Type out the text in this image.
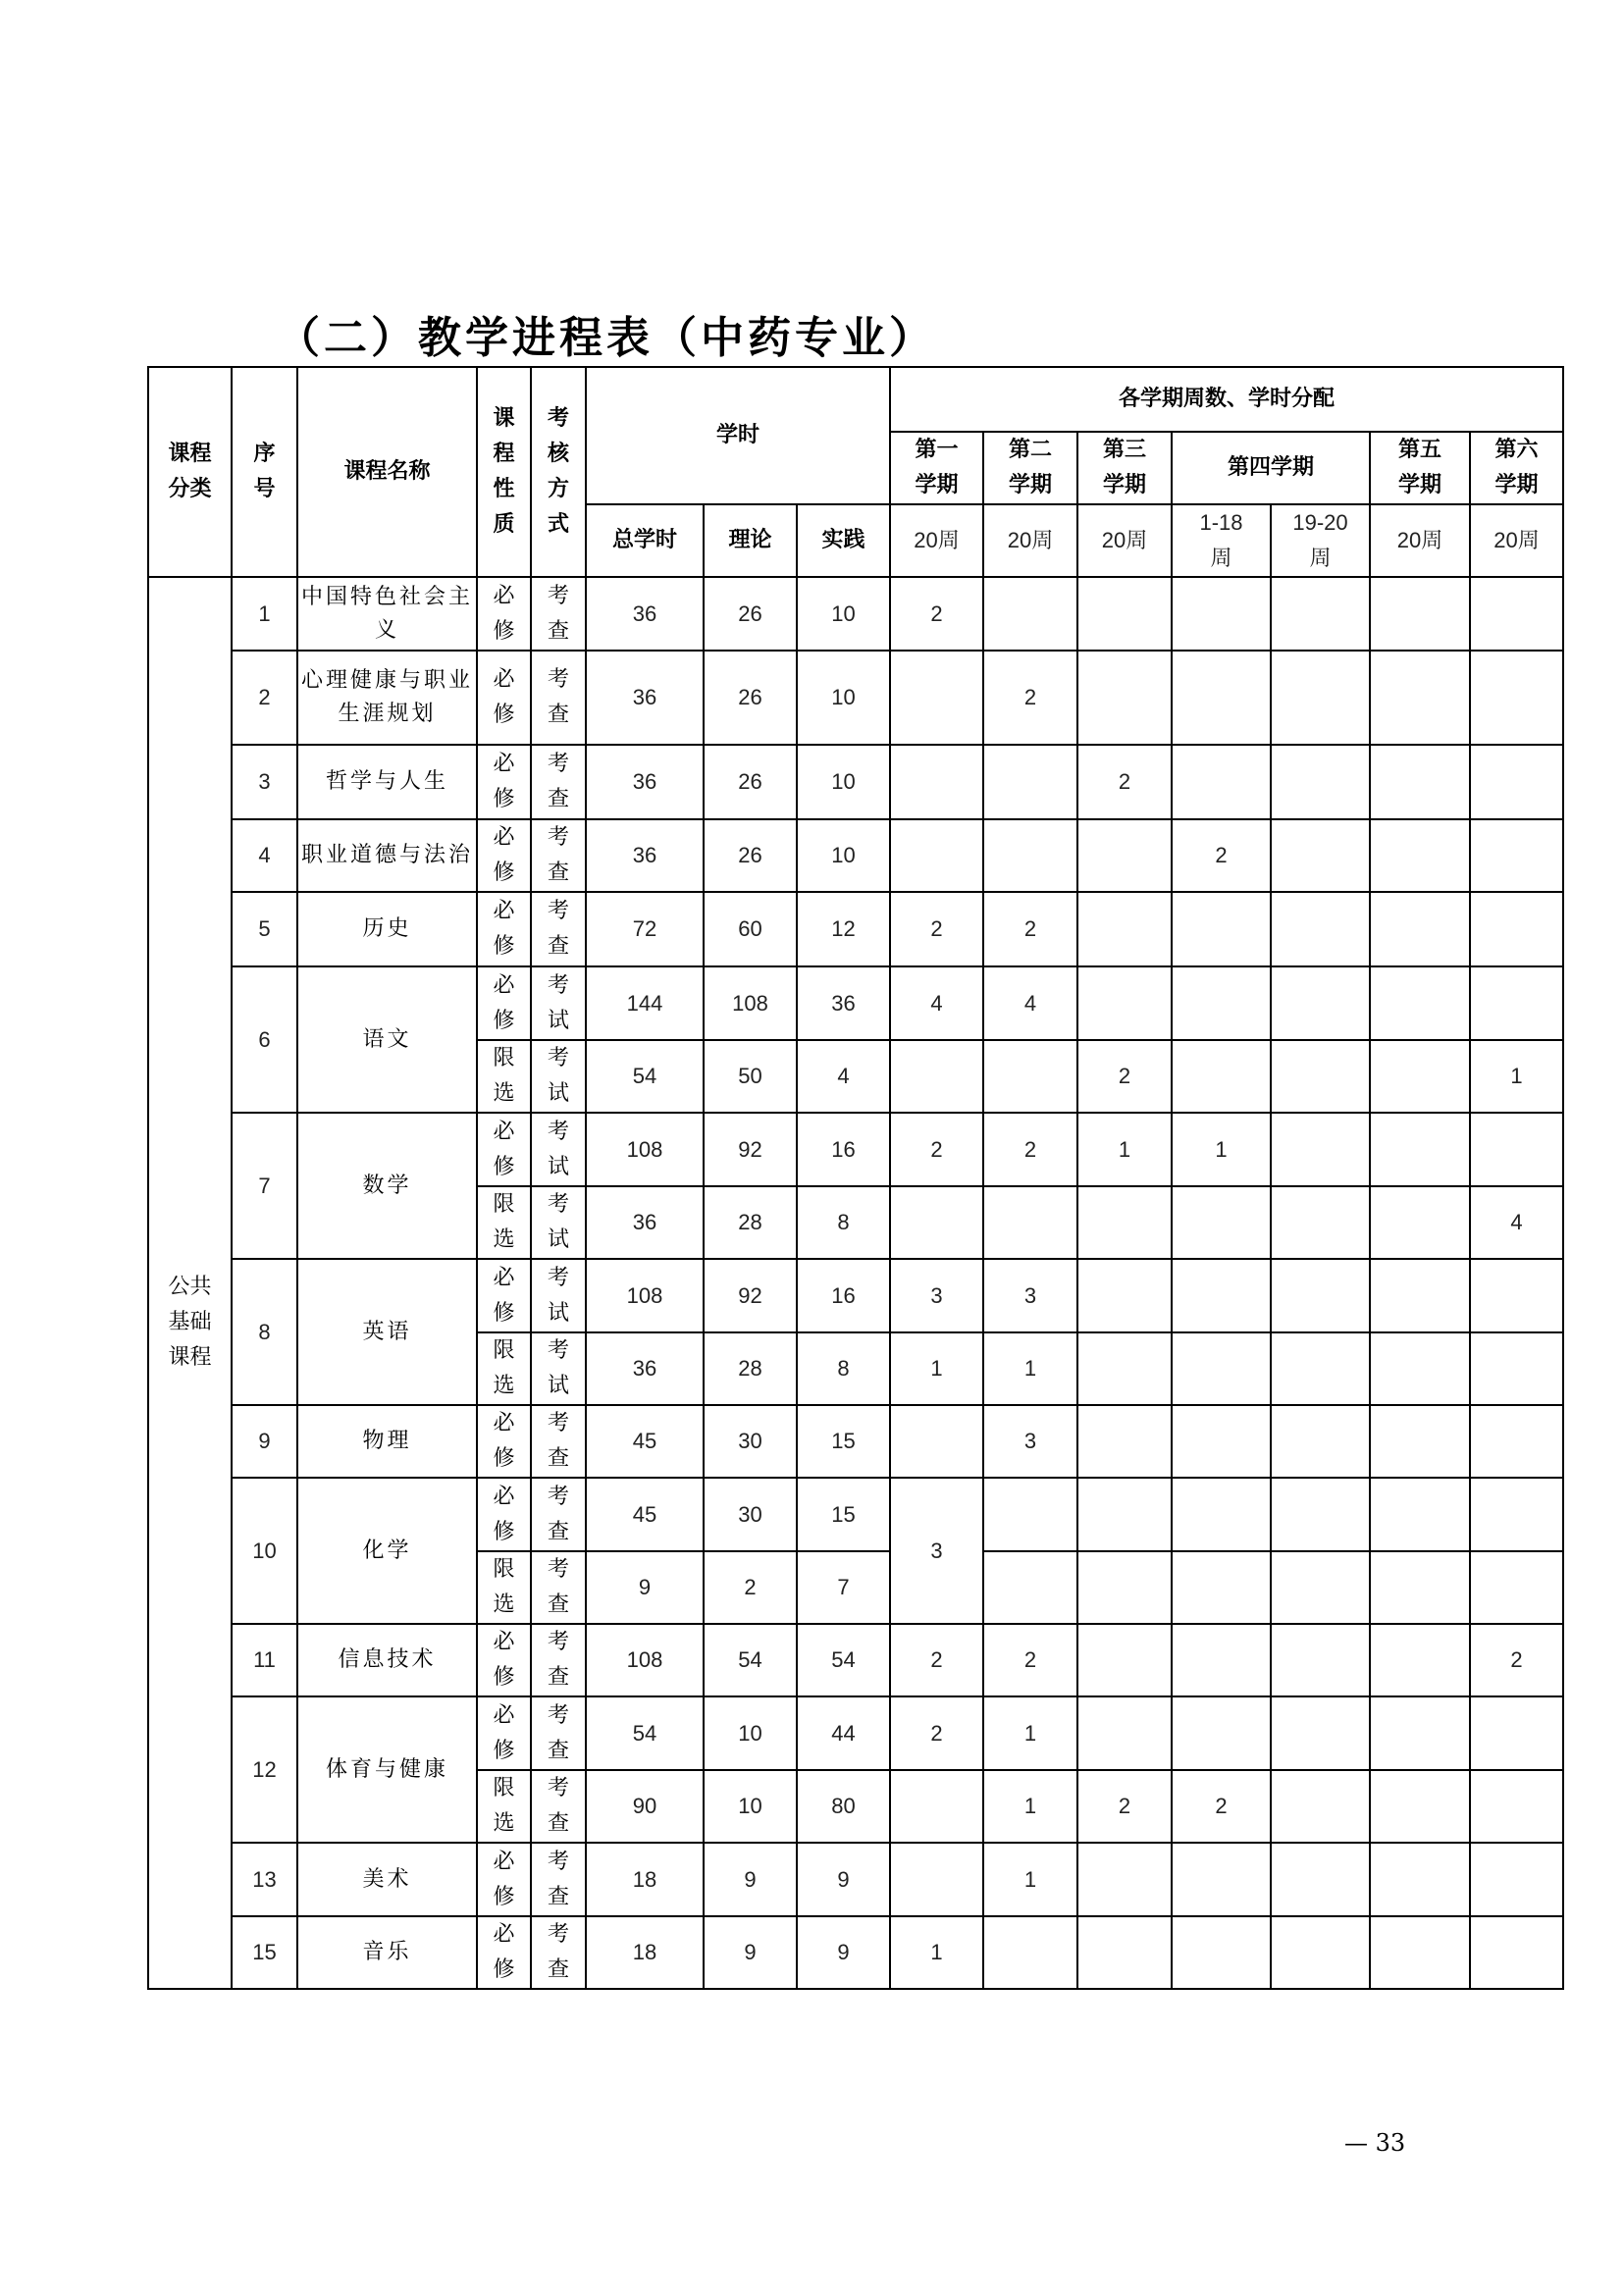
（二）教学进程表（中药专业）
课程分类	序号	课程名称	课程性质	考核方式	学时			各学期周数、学时分配						
								第一学期	第二学期	第三学期	第四学期		第五学期	第六学期
					总学时	理论	实践	20周	20周	20周	1-18周	19-20周	20周	20周
公共基础课程	1	中国特色社会主义	必修	考查	36	26	10	2						
	2	心理健康与职业生涯规划	必修	考查	36	26	10		2					
	3	哲学与人生	必修	考查	36	26	10			2				
	4	职业道德与法治	必修	考查	36	26	10				2			
	5	历史	必修	考查	72	60	12	2	2					
	6	语文	必修	考试	144	108	36	4	4					
			限选	考试	54	50	4			2				1
	7	数学	必修	考试	108	92	16	2	2	1	1			
			限选	考试	36	28	8							4
	8	英语	必修	考试	108	92	16	3	3					
			限选	考试	36	28	8	1	1					
	9	物理	必修	考查	45	30	15		3					
	10	化学	必修	考查	45	30	15	3						
			限选	考查	9	2	7							
	11	信息技术	必修	考查	108	54	54	2	2					2
	12	体育与健康	必修	考查	54	10	44	2	1					
			限选	考查	90	10	80		1	2	2			
	13	美术	必修	考查	18	9	9		1					
	15	音乐	必修	考查	18	9	9	1						
— 33
